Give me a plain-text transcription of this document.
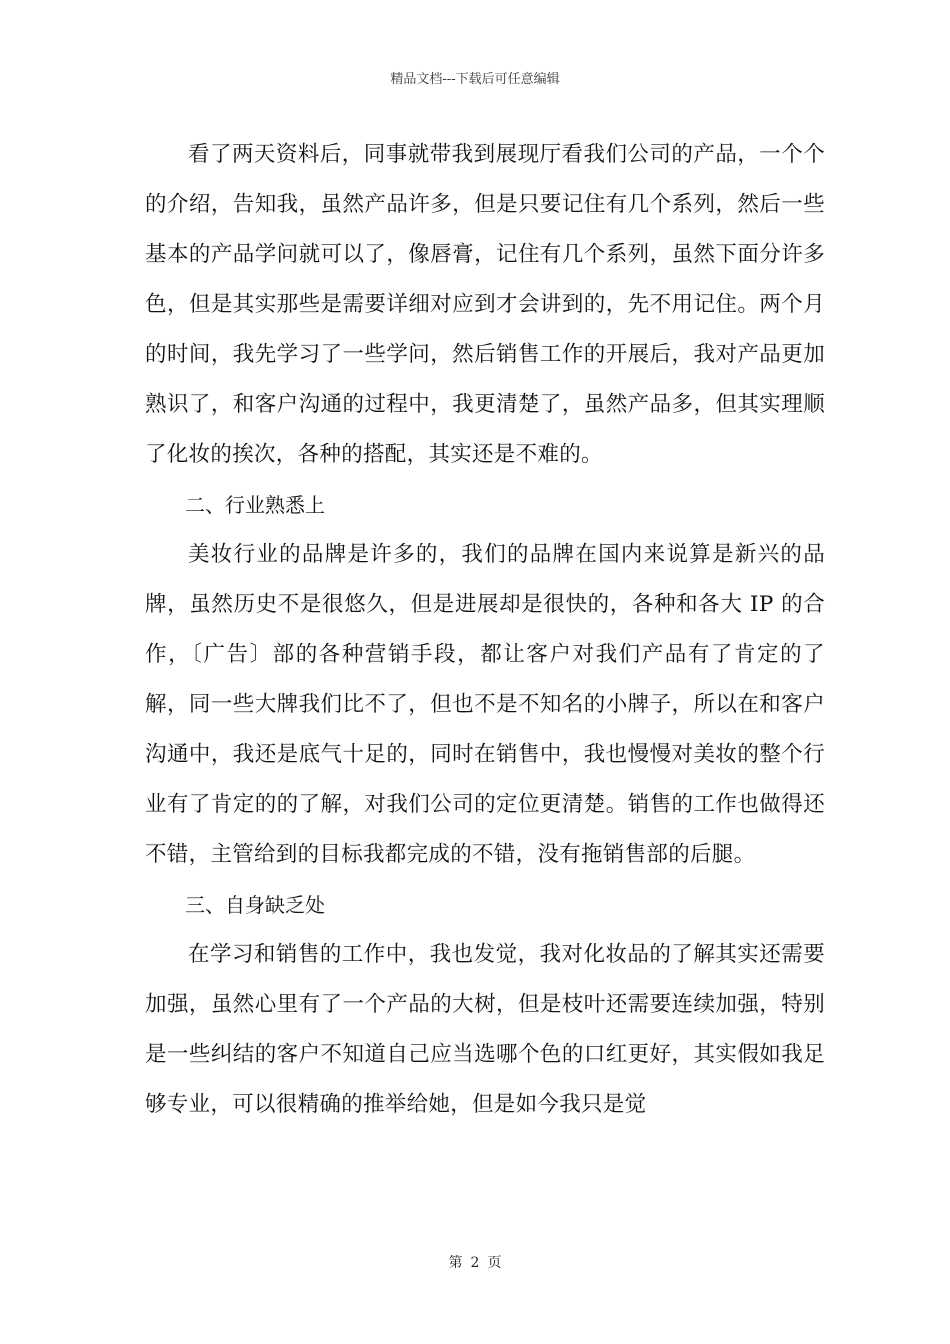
精品文档---下载后可任意编辑

看了两天资料后，同事就带我到展现厅看我们公司的产品，一个个的介绍，告知我，虽然产品许多，但是只要记住有几个系列，然后一些基本的产品学问就可以了，像唇膏，记住有几个系列，虽然下面分许多色，但是其实那些是需要详细对应到才会讲到的，先不用记住。两个月的时间，我先学习了一些学问，然后销售工作的开展后，我对产品更加熟识了，和客户沟通的过程中，我更清楚了，虽然产品多，但其实理顺了化妆的挨次，各种的搭配，其实还是不难的。

二、行业熟悉上

美妆行业的品牌是许多的，我们的品牌在国内来说算是新兴的品牌，虽然历史不是很悠久，但是进展却是很快的，各种和各大 IP 的合作，〔广告〕部的各种营销手段，都让客户对我们产品有了肯定的了解，同一些大牌我们比不了，但也不是不知名的小牌子，所以在和客户沟通中，我还是底气十足的，同时在销售中，我也慢慢对美妆的整个行业有了肯定的的了解，对我们公司的定位更清楚。销售的工作也做得还不错，主管给到的目标我都完成的不错，没有拖销售部的后腿。

三、自身缺乏处

在学习和销售的工作中，我也发觉，我对化妆品的了解其实还需要加强，虽然心里有了一个产品的大树，但是枝叶还需要连续加强，特别是一些纠结的客户不知道自己应当选哪个色的口红更好，其实假如我足够专业，可以很精确的推举给她，但是如今我只是觉

第 2 页
